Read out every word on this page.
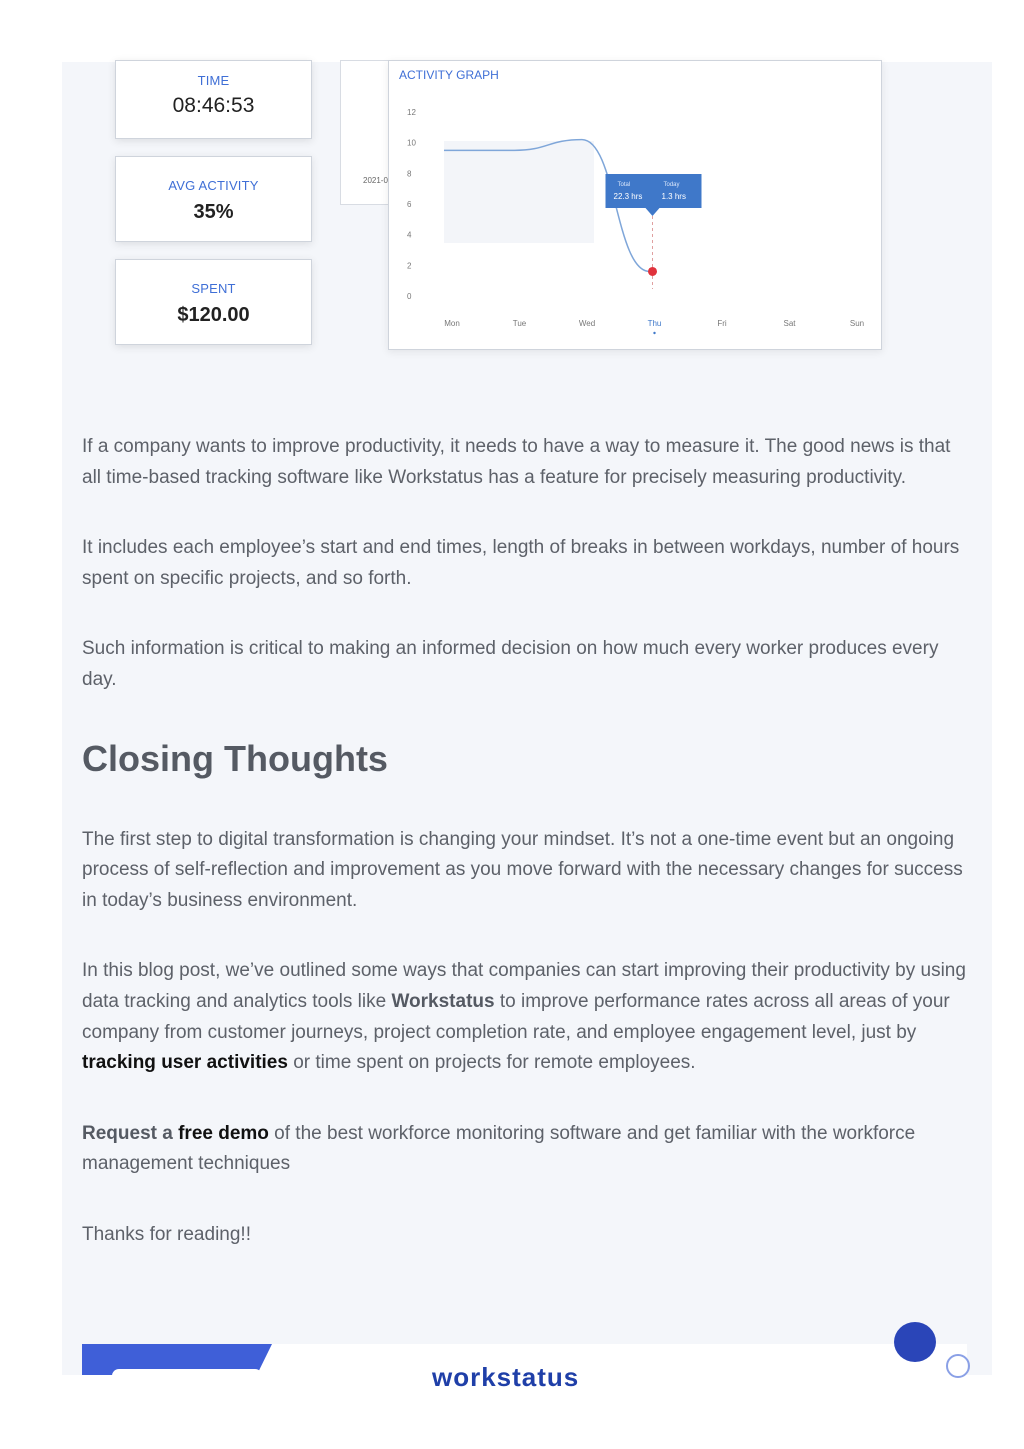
TIME
08:46:53
AVG ACTIVITY
35%
SPENT
$120.00
2021-0
ACTIVITY GRAPH
0
2
4
6
8
10
12
Mon	Tue	Wed	Thu	Fri	Sat	Sun
Total	Today
22.3 hrs 1.3 hrs

If a company wants to improve productivity, it needs to have a way to measure it. The good news is that all time-based tracking software like Workstatus has a feature for precisely measuring productivity.

It includes each employee’s start and end times, length of breaks in between workdays, number of hours spent on specific projects, and so forth.

Such information is critical to making an informed decision on how much every worker produces every day.

Closing Thoughts

The first step to digital transformation is changing your mindset. It’s not a one-time event but an ongoing process of self-reflection and improvement as you move forward with the necessary changes for success in today’s business environment.

In this blog post, we’ve outlined some ways that companies can start improving their productivity by using data tracking and analytics tools like Workstatus to improve performance rates across all areas of your company from customer journeys, project completion rate, and employee engagement level, just by tracking user activities or time spent on projects for remote employees.

Request a free demo of the best workforce monitoring software and get familiar with the workforce management techniques

Thanks for reading!!

workstatus
